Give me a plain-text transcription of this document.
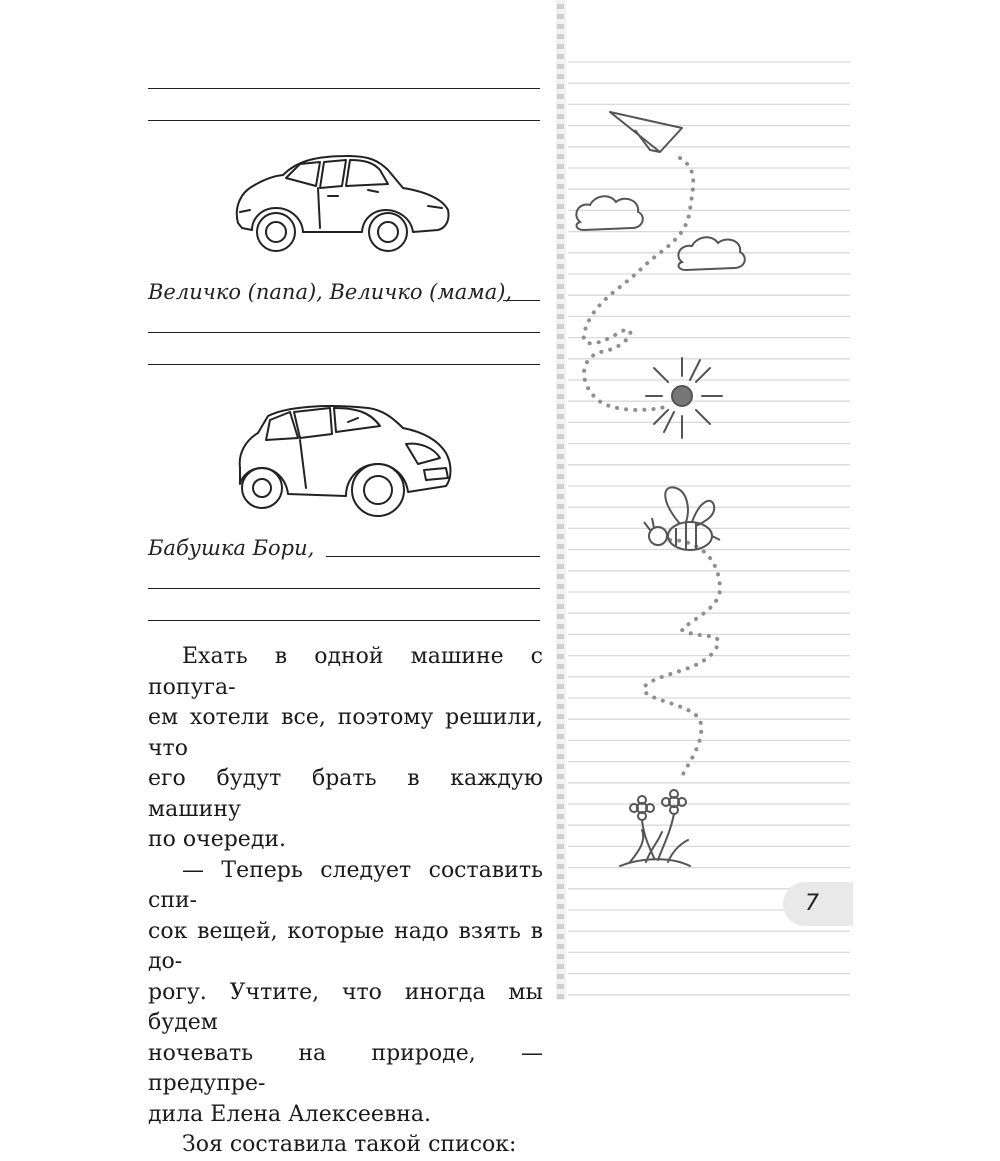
Величко (папа), Величко (мама),
Бабушка Бори,

Ехать в одной машине с попуга-

ем хотели все, поэтому решили, что

его будут брать в каждую машину

по очереди.

— Теперь следует составить спи-

сок вещей, которые надо взять в до-

рогу. Учтите, что иногда мы будем

ночевать на природе, — предупре-

дила Елена Алексеевна.

Зоя составила такой список:

7
